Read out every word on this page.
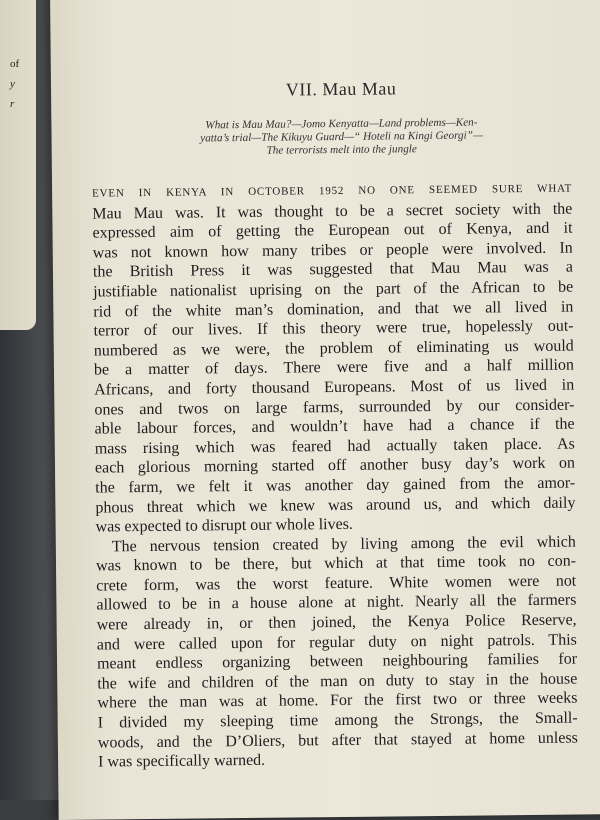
of
y
r
VII. Mau Mau
What is Mau Mau?—Jomo Kenyatta—Land problems—Ken-
yatta’s trial—The Kikuyu Guard—“ Hoteli na Kingi Georgi”—
The terrorists melt into the jungle
EVEN IN KENYA IN OCTOBER 1952 NO ONE SEEMED SURE WHAT
Mau Mau was. It was thought to be a secret society with the
expressed aim of getting the European out of Kenya, and it
was not known how many tribes or people were involved. In
the British Press it was suggested that Mau Mau was a
justifiable nationalist uprising on the part of the African to be
rid of the white man’s domination, and that we all lived in
terror of our lives. If this theory were true, hopelessly out-
numbered as we were, the problem of eliminating us would
be a matter of days. There were five and a half million
Africans, and forty thousand Europeans. Most of us lived in
ones and twos on large farms, surrounded by our consider-
able labour forces, and wouldn’t have had a chance if the
mass rising which was feared had actually taken place. As
each glorious morning started off another busy day’s work on
the farm, we felt it was another day gained from the amor-
phous threat which we knew was around us, and which daily
was expected to disrupt our whole lives.
The nervous tension created by living among the evil which
was known to be there, but which at that time took no con-
crete form, was the worst feature. White women were not
allowed to be in a house alone at night. Nearly all the farmers
were already in, or then joined, the Kenya Police Reserve,
and were called upon for regular duty on night patrols. This
meant endless organizing between neighbouring families for
the wife and children of the man on duty to stay in the house
where the man was at home. For the first two or three weeks
I divided my sleeping time among the Strongs, the Small-
woods, and the D’Oliers, but after that stayed at home unless
I was specifically warned.
